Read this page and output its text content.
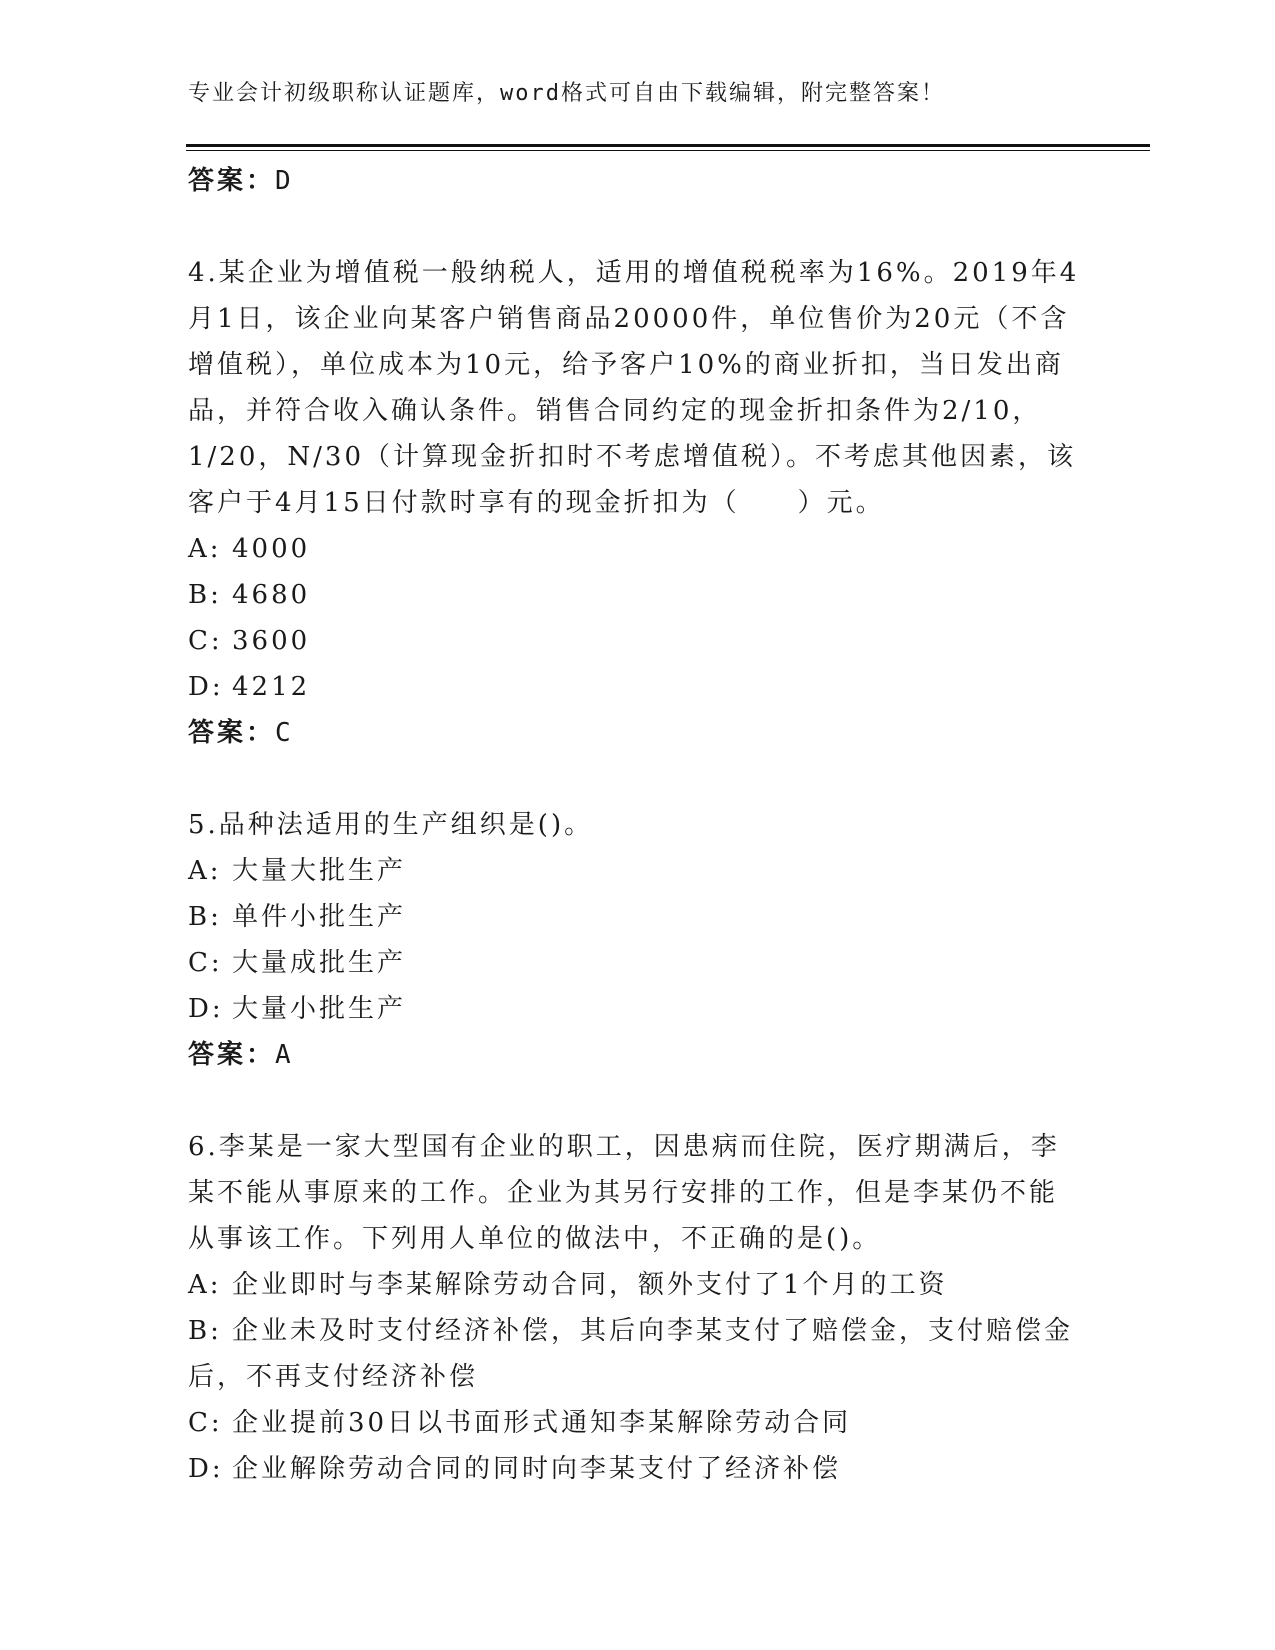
专业会计初级职称认证题库，word格式可自由下载编辑，附完整答案！
答案：D
4.某企业为增值税一般纳税人，适用的增值税税率为16%。2019年4
月1日，该企业向某客户销售商品20000件，单位售价为20元（不含
增值税），单位成本为10元，给予客户10%的商业折扣，当日发出商
品，并符合收入确认条件。销售合同约定的现金折扣条件为2/10，
1/20，N/30（计算现金折扣时不考虑增值税）。不考虑其他因素，该
客户于4月15日付款时享有的现金折扣为（　　）元。
A: 4000
B: 4680
C: 3600
D: 4212
答案：C
5.品种法适用的生产组织是()。
A: 大量大批生产
B: 单件小批生产
C: 大量成批生产
D: 大量小批生产
答案：A
6.李某是一家大型国有企业的职工，因患病而住院，医疗期满后，李
某不能从事原来的工作。企业为其另行安排的工作，但是李某仍不能
从事该工作。下列用人单位的做法中，不正确的是()。
A: 企业即时与李某解除劳动合同，额外支付了1个月的工资
B: 企业未及时支付经济补偿，其后向李某支付了赔偿金，支付赔偿金
后，不再支付经济补偿
C: 企业提前30日以书面形式通知李某解除劳动合同
D: 企业解除劳动合同的同时向李某支付了经济补偿
